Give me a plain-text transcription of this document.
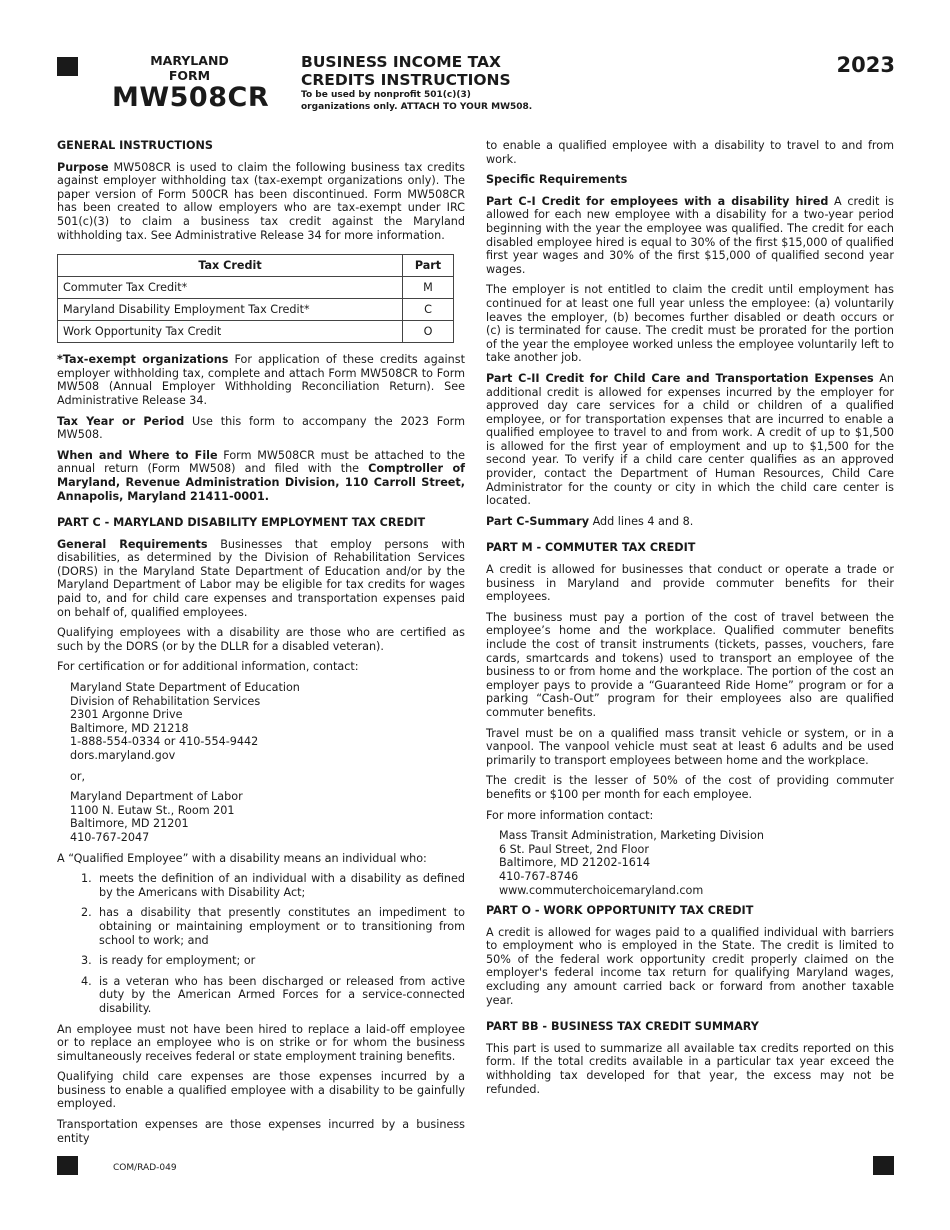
MARYLAND
FORM
MW508CR
BUSINESS INCOME TAX
CREDITS INSTRUCTIONS
To be used by nonprofit 501(c)(3)
organizations only. ATTACH TO YOUR MW508.
2023
GENERAL INSTRUCTIONS

Purpose MW508CR is used to claim the following business tax credits against employer withholding tax (tax-exempt organizations only). The paper version of Form 500CR has been discontinued. Form MW508CR has been created to allow employers who are tax-exempt under IRC 501(c)(3) to claim a business tax credit against the Maryland withholding tax. See Administrative Release 34 for more information.

Tax Credit	Part
Commuter Tax Credit*	M
Maryland Disability Employment Tax Credit*	C
Work Opportunity Tax Credit	O

*Tax-exempt organizations For application of these credits against employer withholding tax, complete and attach Form MW508CR to Form MW508 (Annual Employer Withholding Reconciliation Return). See Administrative Release 34.

Tax Year or Period Use this form to accompany the 2023 Form MW508.

When and Where to File Form MW508CR must be attached to the annual return (Form MW508) and filed with the Comptroller of Maryland, Revenue Administration Division, 110 Carroll Street, Annapolis, Maryland 21411-0001.

PART C - MARYLAND DISABILITY EMPLOYMENT TAX CREDIT

General Requirements Businesses that employ persons with disabilities, as determined by the Division of Rehabilitation Services (DORS) in the Maryland State Department of Education and/or by the Maryland Department of Labor may be eligible for tax credits for wages paid to, and for child care expenses and transportation expenses paid on behalf of, qualified employees.

Qualifying employees with a disability are those who are certified as such by the DORS (or by the DLLR for a disabled veteran).

For certification or for additional information, contact:

Maryland State Department of Education
Division of Rehabilitation Services
2301 Argonne Drive
Baltimore, MD 21218
1-888-554-0334 or 410-554-9442
dors.maryland.gov
or,
Maryland Department of Labor
1100 N. Eutaw St., Room 201
Baltimore, MD 21201
410-767-2047

A “Qualified Employee” with a disability means an individual who:

1. meets the definition of an individual with a disability as defined by the Americans with Disability Act;
2. has a disability that presently constitutes an impediment to obtaining or maintaining employment or to transitioning from school to work; and
3. is ready for employment; or
4. is a veteran who has been discharged or released from active duty by the American Armed Forces for a service-connected disability.

An employee must not have been hired to replace a laid-off employee or to replace an employee who is on strike or for whom the business simultaneously receives federal or state employment training benefits.

Qualifying child care expenses are those expenses incurred by a business to enable a qualified employee with a disability to be gainfully employed.

Transportation expenses are those expenses incurred by a business entity

to enable a qualified employee with a disability to travel to and from work.

Specific Requirements

Part C-I Credit for employees with a disability hired A credit is allowed for each new employee with a disability for a two-year period beginning with the year the employee was qualified. The credit for each disabled employee hired is equal to 30% of the first $15,000 of qualified first year wages and 30% of the first $15,000 of qualified second year wages.

The employer is not entitled to claim the credit until employment has continued for at least one full year unless the employee: (a) voluntarily leaves the employer, (b) becomes further disabled or death occurs or (c) is terminated for cause. The credit must be prorated for the portion of the year the employee worked unless the employee voluntarily left to take another job.

Part C-II Credit for Child Care and Transportation Expenses An additional credit is allowed for expenses incurred by the employer for approved day care services for a child or children of a qualified employee, or for transportation expenses that are incurred to enable a qualified employee to travel to and from work. A credit of up to $1,500 is allowed for the first year of employment and up to $1,500 for the second year. To verify if a child care center qualifies as an approved provider, contact the Department of Human Resources, Child Care Administrator for the county or city in which the child care center is located.

Part C-Summary Add lines 4 and 8.

PART M - COMMUTER TAX CREDIT

A credit is allowed for businesses that conduct or operate a trade or business in Maryland and provide commuter benefits for their employees.

The business must pay a portion of the cost of travel between the employee’s home and the workplace. Qualified commuter benefits include the cost of transit instruments (tickets, passes, vouchers, fare cards, smartcards and tokens) used to transport an employee of the business to or from home and the workplace. The portion of the cost an employer pays to provide a “Guaranteed Ride Home” program or for a parking “Cash-Out” program for their employees also are qualified commuter benefits.

Travel must be on a qualified mass transit vehicle or system, or in a vanpool. The vanpool vehicle must seat at least 6 adults and be used primarily to transport employees between home and the workplace.

The credit is the lesser of 50% of the cost of providing commuter benefits or $100 per month for each employee.

For more information contact:

Mass Transit Administration, Marketing Division
6 St. Paul Street, 2nd Floor
Baltimore, MD 21202-1614
410-767-8746
www.commuterchoicemaryland.com
PART O - WORK OPPORTUNITY TAX CREDIT

A credit is allowed for wages paid to a qualified individual with barriers to employment who is employed in the State. The credit is limited to 50% of the federal work opportunity credit properly claimed on the employer's federal income tax return for qualifying Maryland wages, excluding any amount carried back or forward from another taxable year.

PART BB - BUSINESS TAX CREDIT SUMMARY

This part is used to summarize all available tax credits reported on this form. If the total credits available in a particular tax year exceed the withholding tax developed for that year, the excess may not be refunded.

COM/RAD-049
